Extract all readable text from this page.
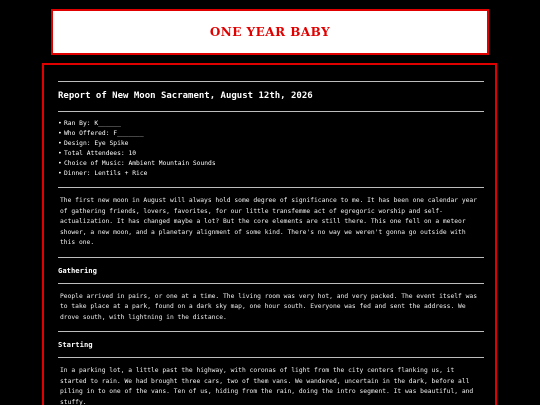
ONE YEAR BABY
Report of New Moon Sacrament, August 12th, 2026
• Ran By: K______
• Who Offered: F_______
• Design: Eye Spike
• Total Attendees: 10
• Choice of Music: Ambient Mountain Sounds
• Dinner: Lentils + Rice

The first new moon in August will always hold some degree of significance to me. It has been one calendar year of gathering friends, lovers, favorites, for our little transfemme act of egregoric worship and self-actualization. It has changed maybe a lot? But the core elements are still there. This one fell on a meteor shower, a new moon, and a planetary alignment of some kind. There's no way we weren't gonna go outside with this one.

Gathering

People arrived in pairs, or one at a time. The living room was very hot, and very packed. The event itself was to take place at a park, found on a dark sky map, one hour south. Everyone was fed and sent the address. We drove south, with lightning in the distance.

Starting

In a parking lot, a little past the highway, with coronas of light from the city centers flanking us, it started to rain. We had brought three cars, two of them vans. We wandered, uncertain in the dark, before all piling in to one of the vans. Ten of us, hiding from the rain, doing the intro segment. It was beautiful, and stuffy.
